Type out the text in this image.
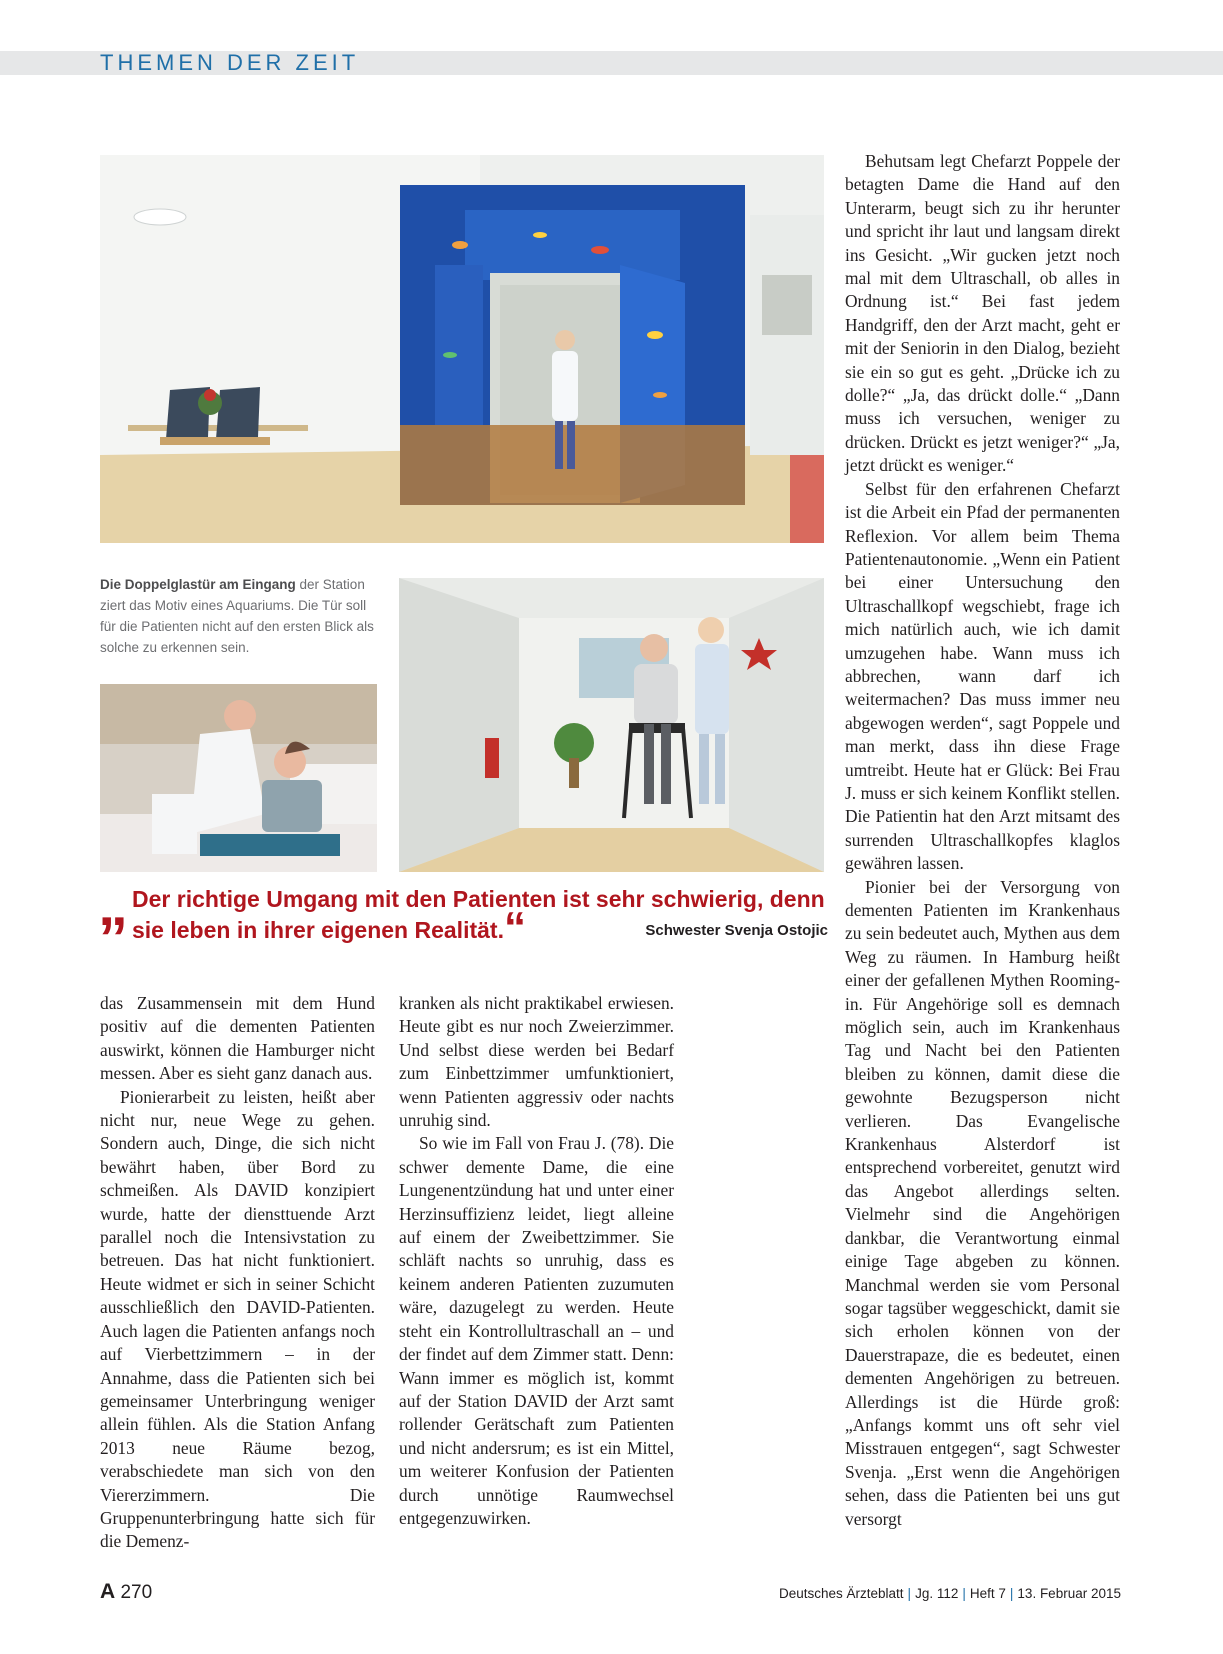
THEMEN DER ZEIT
Die Doppelglastür am Eingang der Station ziert das Motiv eines Aquariums. Die Tür soll für die Patienten nicht auf den ersten Blick als solche zu erkennen sein.
„ Der richtige Umgang mit den Patienten ist sehr schwierig, denn sie leben in ihrer eigenen Realität.“	Schwester Svenja Ostojic

das Zusammensein mit dem Hund positiv auf die dementen Patienten auswirkt, können die Hamburger nicht messen. Aber es sieht ganz danach aus.

Pionierarbeit zu leisten, heißt aber nicht nur, neue Wege zu gehen. Sondern auch, Dinge, die sich nicht bewährt haben, über Bord zu schmeißen. Als DAVID konzipiert wurde, hatte der diensttuende Arzt parallel noch die Intensivstation zu betreuen. Das hat nicht funktioniert. Heute widmet er sich in seiner Schicht ausschließlich den DAVID-Patienten. Auch lagen die Patienten anfangs noch auf Vierbettzimmern – in der Annahme, dass die Patienten sich bei gemeinsamer Unterbringung weniger allein fühlen. Als die Station Anfang 2013 neue Räume bezog, verabschiedete man sich von den Viererzimmern. Die Gruppenunterbringung hatte sich für die Demenz-

kranken als nicht praktikabel erwiesen. Heute gibt es nur noch Zweierzimmer. Und selbst diese werden bei Bedarf zum Einbettzimmer umfunktioniert, wenn Patienten aggressiv oder nachts unruhig sind.

So wie im Fall von Frau J. (78). Die schwer demente Dame, die eine Lungenentzündung hat und unter einer Herzinsuffizienz leidet, liegt alleine auf einem der Zweibettzimmer. Sie schläft nachts so unruhig, dass es keinem anderen Patienten zuzumuten wäre, dazugelegt zu werden. Heute steht ein Kontrollultraschall an – und der findet auf dem Zimmer statt. Denn: Wann immer es möglich ist, kommt auf der Station DAVID der Arzt samt rollender Gerätschaft zum Patienten und nicht andersrum; es ist ein Mittel, um weiterer Konfusion der Patienten durch unnötige Raumwechsel entgegenzuwirken.

Behutsam legt Chefarzt Poppele der betagten Dame die Hand auf den Unterarm, beugt sich zu ihr herunter und spricht ihr laut und langsam direkt ins Gesicht. „Wir gucken jetzt noch mal mit dem Ultraschall, ob alles in Ordnung ist.“ Bei fast jedem Handgriff, den der Arzt macht, geht er mit der Seniorin in den Dialog, bezieht sie ein so gut es geht. „Drücke ich zu dolle?“ „Ja, das drückt dolle.“ „Dann muss ich versuchen, weniger zu drücken. Drückt es jetzt weniger?“ „Ja, jetzt drückt es weniger.“

Selbst für den erfahrenen Chefarzt ist die Arbeit ein Pfad der permanenten Reflexion. Vor allem beim Thema Patientenautonomie. „Wenn ein Patient bei einer Untersuchung den Ultraschallkopf wegschiebt, frage ich mich natürlich auch, wie ich damit umzugehen habe. Wann muss ich abbrechen, wann darf ich weitermachen? Das muss immer neu abgewogen werden“, sagt Poppele und man merkt, dass ihn diese Frage umtreibt. Heute hat er Glück: Bei Frau J. muss er sich keinem Konflikt stellen. Die Patientin hat den Arzt mitsamt des surrenden Ultraschallkopfes klaglos gewähren lassen.

Pionier bei der Versorgung von dementen Patienten im Krankenhaus zu sein bedeutet auch, Mythen aus dem Weg zu räumen. In Hamburg heißt einer der gefallenen Mythen Rooming-in. Für Angehörige soll es demnach möglich sein, auch im Krankenhaus Tag und Nacht bei den Patienten bleiben zu können, damit diese die gewohnte Bezugsperson nicht verlieren. Das Evangelische Krankenhaus Alsterdorf ist entsprechend vorbereitet, genutzt wird das Angebot allerdings selten. Vielmehr sind die Angehörigen dankbar, die Verantwortung einmal einige Tage abgeben zu können. Manchmal werden sie vom Personal sogar tagsüber weggeschickt, damit sie sich erholen können von der Dauerstrapaze, die es bedeutet, einen dementen Angehörigen zu betreuen. Allerdings ist die Hürde groß: „Anfangs kommt uns oft sehr viel Misstrauen entgegen“, sagt Schwester Svenja. „Erst wenn die Angehörigen sehen, dass die Patienten bei uns gut versorgt

A 270	Deutsches Ärzteblatt | Jg. 112 | Heft 7 | 13. Februar 2015
